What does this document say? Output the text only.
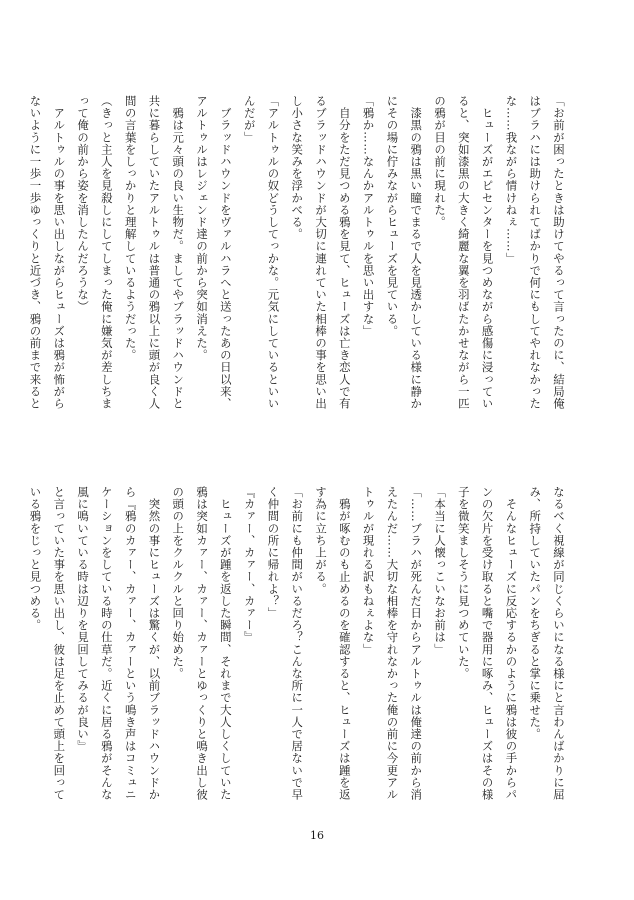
「お前が困ったときは助けてやるって言ったのに、結局俺
はブラハには助けられてばかりで何にもしてやれなかった
な……我ながら情けねぇ……」
　ヒューズがエピセンターを見つめながら感傷に浸ってい
ると、突如漆黒の大きく綺麗な翼を羽ばたかせながら一匹
の鴉が目の前に現れた。
　漆黒の鴉は黒い瞳でまるで人を見透かしている様に静か
にその場に佇みながらヒューズを見ている。
「鴉か……なんかアルトゥルを思い出すな」
　自分をただ見つめる鴉を見て、ヒューズは亡き恋人で有
るブラッドハウンドが大切に連れていた相棒の事を思い出
し小さな笑みを浮かべる。
「アルトゥルの奴どうしてっかな。元気にしているといい
んだが」
　ブラッドハウンドをヴァルハラへと送ったあの日以来、
アルトゥルはレジェンド達の前から突如消えた。
　鴉は元々頭の良い生物だ。ましてやブラッドハウンドと
共に暮らしていたアルトゥルは普通の鴉以上に頭が良く人
間の言葉をしっかりと理解しているようだった。
（きっと主人を見殺しにしてしまった俺に嫌気が差しちま
って俺の前から姿を消したんだろうな）
　アルトゥルの事を思い出しながらヒューズは鴉が怖がら
ないように一歩一歩ゆっくりと近づき、鴉の前まで来ると
なるべく視線が同じくらいになる様にと言わんばかりに屈
み、所持していたパンをちぎると掌に乗せた。
　そんなヒューズに反応するかのように鴉は彼の手からパ
ンの欠片を受け取ると嘴で器用に啄み、ヒューズはその様
子を微笑ましそうに見つめていた。
「本当に人懐っこいなお前は」
「……ブラハが死んだ日からアルトゥルは俺達の前から消
えたんだ……大切な相棒を守れなかった俺の前に今更アル
トゥルが現れる訳もねぇよな」
　鴉が啄むのも止めるのを確認すると、ヒューズは踵を返
す為に立ち上がる。
「お前にも仲間がいるだろ？こんな所に一人で居ないで早
く仲間の所に帰れよ？」
『カァー、カァー、カァー』
　ヒューズが踵を返した瞬間、それまで大人しくしていた
鴉は突如カァー、カァー、カァーとゆっくりと鳴き出し彼
の頭の上をクルクルと回り始めた。
　突然の事にヒューズは驚くが、以前ブラッドハウンドか
ら『鴉のカァー、カァー、カァーという鳴き声はコミュニ
ケーションをしている時の仕草だ。近くに居る鴉がそんな
風に鳴いている時は辺りを見回してみるが良い』
と言っていた事を思い出し、彼は足を止めて頭上を回って
いる鴉をじっと見つめる。
16
